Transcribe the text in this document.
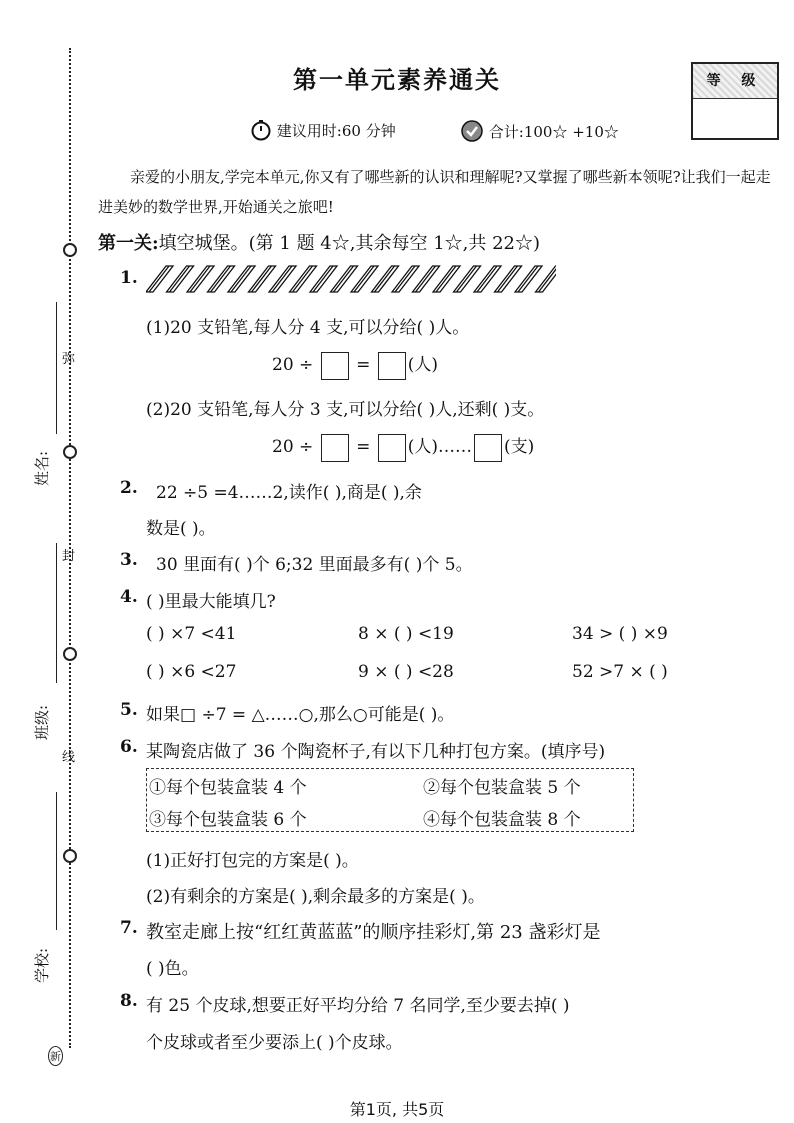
弥
封
线
新
姓名:
班级:
学校:
第一单元素养通关	等 级
建议用时:60 分钟	合计:100☆ +10☆
亲爱的小朋友,学完本单元,你又有了哪些新的认识和理解呢?又掌握了哪些新本领呢?让我们一起走进美妙的数学世界,开始通关之旅吧!
第一关:填空城堡。(第 1 题 4☆,其余每空 1☆,共 22☆)
1.
(1)20 支铅笔,每人分 4 支,可以分给( )人。
20 ÷	= (人)
(2)20 支铅笔,每人分 3 支,可以分给( )人,还剩( )支。
20 ÷	= (人)…… (支)
2. 22 ÷5 =4……2,读作( ),商是( ),余
数是( )。
3. 30 里面有( )个 6;32 里面最多有( )个 5。
4. ( )里最大能填几?
( ) ×7 <41	8 × ( ) <19	34 > ( ) ×9
( ) ×6 <27	9 × ( ) <28	52 >7 × ( )
5. 如果□ ÷7 = △……○,那么○可能是( )。
6. 某陶瓷店做了 36 个陶瓷杯子,有以下几种打包方案。(填序号)
①每个包装盒装 4 个	②每个包装盒装 5 个
③每个包装盒装 6 个	④每个包装盒装 8 个
(1)正好打包完的方案是( )。
(2)有剩余的方案是( ),剩余最多的方案是( )。
7. 教室走廊上按“红红黄蓝蓝”的顺序挂彩灯,第 23 盏彩灯是
( )色。
8. 有 25 个皮球,想要正好平均分给 7 名同学,至少要去掉( )
个皮球或者至少要添上( )个皮球。
第1页, 共5页
